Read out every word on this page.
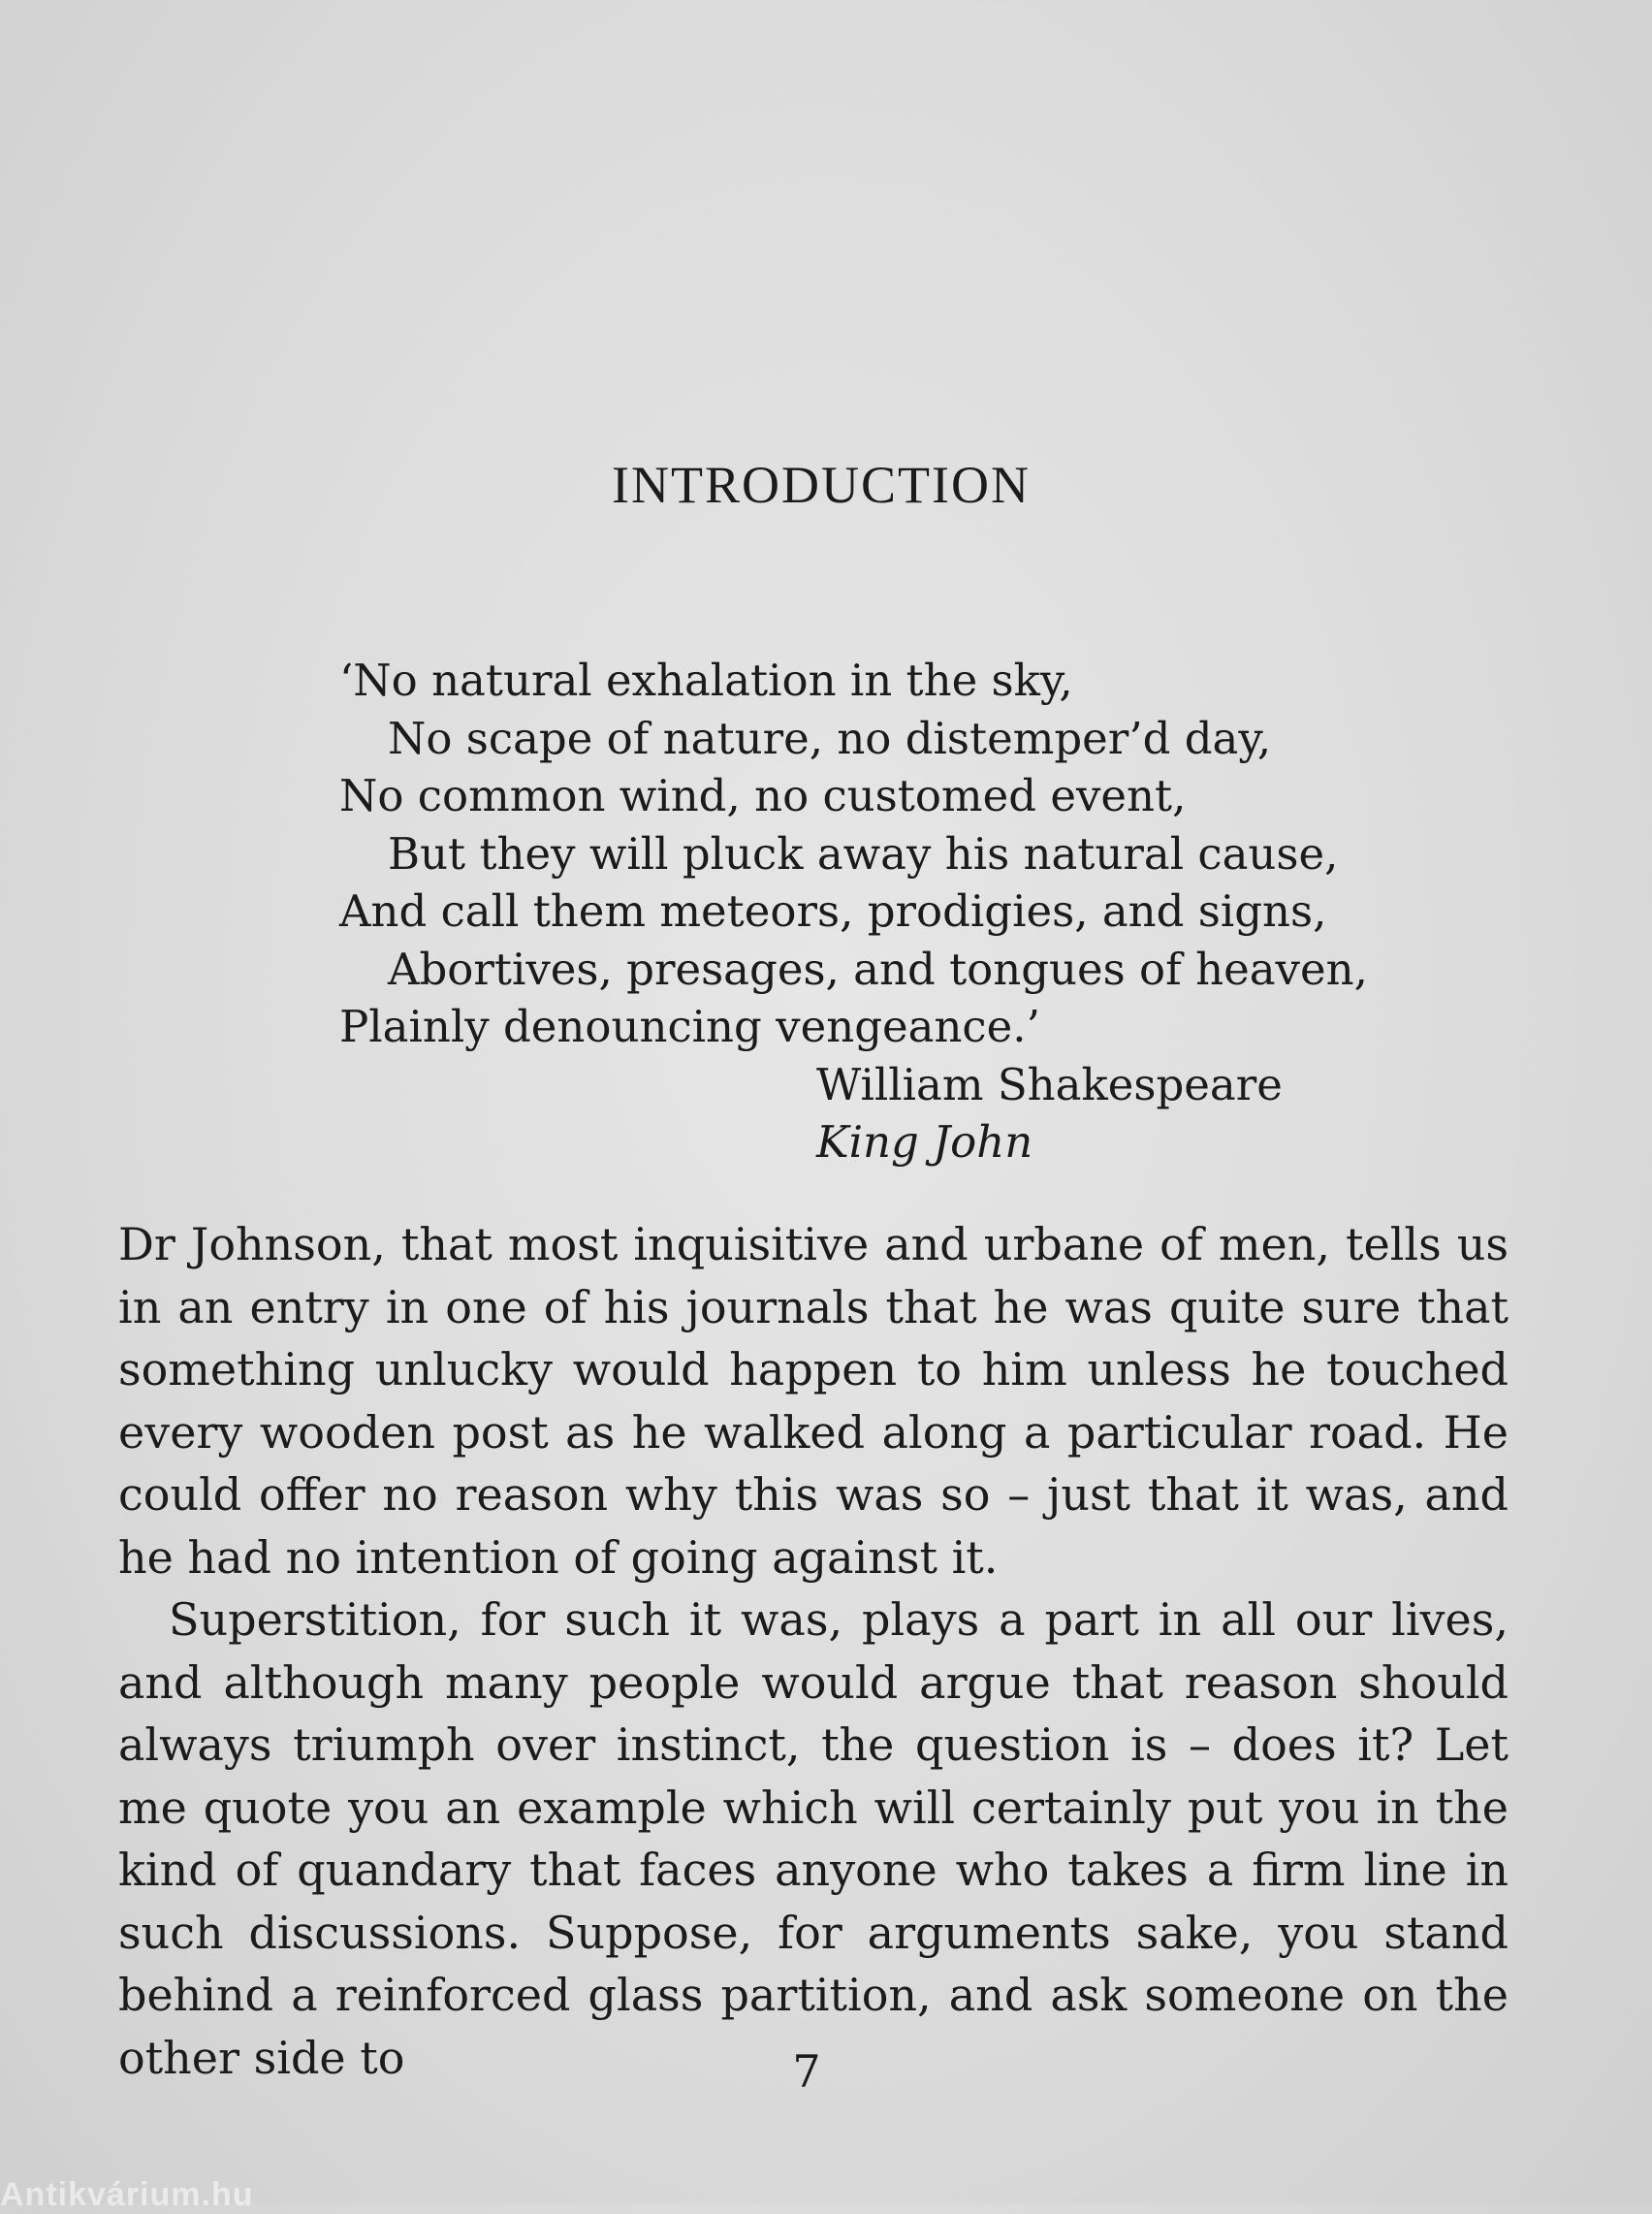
INTRODUCTION
‘No natural exhalation in the sky,
No scape of nature, no distemper’d day,
No common wind, no customed event,
But they will pluck away his natural cause,
And call them meteors, prodigies, and signs,
Abortives, presages, and tongues of heaven,
Plainly denouncing vengeance.’
William Shakespeare
King John

Dr Johnson, that most inquisitive and urbane of men, tells us in an entry in one of his journals that he was quite sure that something unlucky would happen to him unless he touched every wooden post as he walked along a particular road. He could offer no reason why this was so – just that it was, and he had no intention of going against it.

Superstition, for such it was, plays a part in all our lives, and although many people would argue that reason should always triumph over instinct, the question is – does it? Let me quote you an example which will certainly put you in the kind of quandary that faces anyone who takes a firm line in such discussions. Suppose, for arguments sake, you stand behind a reinforced glass partition, and ask someone on the other side to	7
Antikvárium.hu
